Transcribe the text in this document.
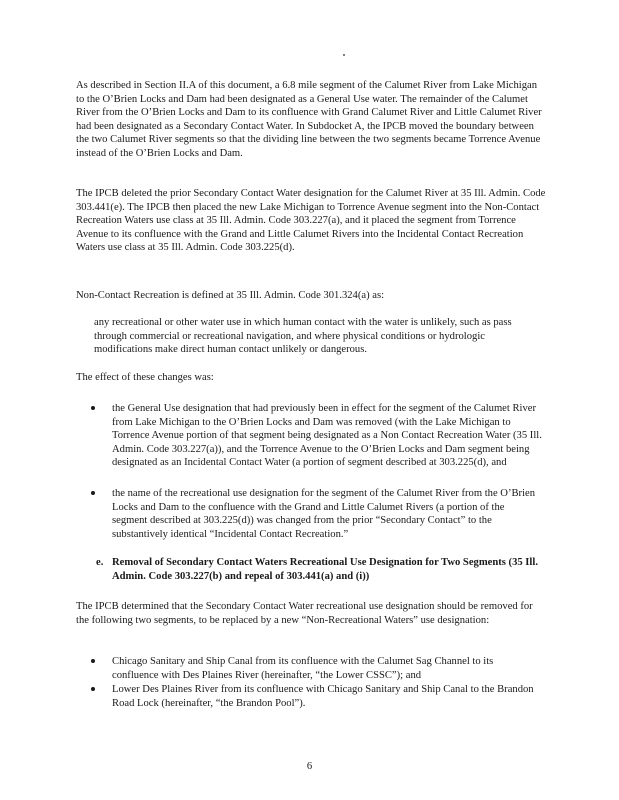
As described in Section II.A of this document, a 6.8 mile segment of the Calumet River from Lake Michigan to the O’Brien Locks and Dam had been designated as a General Use water. The remainder of the Calumet River from the O’Brien Locks and Dam to its confluence with Grand Calumet River and Little Calumet River had been designated as a Secondary Contact Water. In Subdocket A, the IPCB moved the boundary between the two Calumet River segments so that the dividing line between the two segments became Torrence Avenue instead of the O’Brien Locks and Dam.

The IPCB deleted the prior Secondary Contact Water designation for the Calumet River at 35 Ill. Admin. Code 303.441(e). The IPCB then placed the new Lake Michigan to Torrence Avenue segment into the Non-Contact Recreation Waters use class at 35 Ill. Admin. Code 303.227(a), and it placed the segment from Torrence Avenue to its confluence with the Grand and Little Calumet Rivers into the Incidental Contact Recreation Waters use class at 35 Ill. Admin. Code 303.225(d).

Non-Contact Recreation is defined at 35 Ill. Admin. Code 301.324(a) as:

any recreational or other water use in which human contact with the water is unlikely, such as pass through commercial or recreational navigation, and where physical conditions or hydrologic modifications make direct human contact unlikely or dangerous.

The effect of these changes was:

the General Use designation that had previously been in effect for the segment of the Calumet River from Lake Michigan to the O’Brien Locks and Dam was removed (with the Lake Michigan to Torrence Avenue portion of that segment being designated as a Non Contact Recreation Water (35 Ill. Admin. Code 303.227(a)), and the Torrence Avenue to the O’Brien Locks and Dam segment being designated as an Incidental Contact Water (a portion of segment described at 303.225(d), and
the name of the recreational use designation for the segment of the Calumet River from the O’Brien Locks and Dam to the confluence with the Grand and Little Calumet Rivers (a portion of the segment described at 303.225(d)) was changed from the prior “Secondary Contact” to the substantively identical “Incidental Contact Recreation.”
e. Removal of Secondary Contact Waters Recreational Use Designation for Two Segments (35 Ill. Admin. Code 303.227(b) and repeal of 303.441(a) and (i))

The IPCB determined that the Secondary Contact Water recreational use designation should be removed for the following two segments, to be replaced by a new “Non-Recreational Waters” use designation:

Chicago Sanitary and Ship Canal from its confluence with the Calumet Sag Channel to its confluence with Des Plaines River (hereinafter, “the Lower CSSC”); and
Lower Des Plaines River from its confluence with Chicago Sanitary and Ship Canal to the Brandon Road Lock (hereinafter, “the Brandon Pool”).
6
